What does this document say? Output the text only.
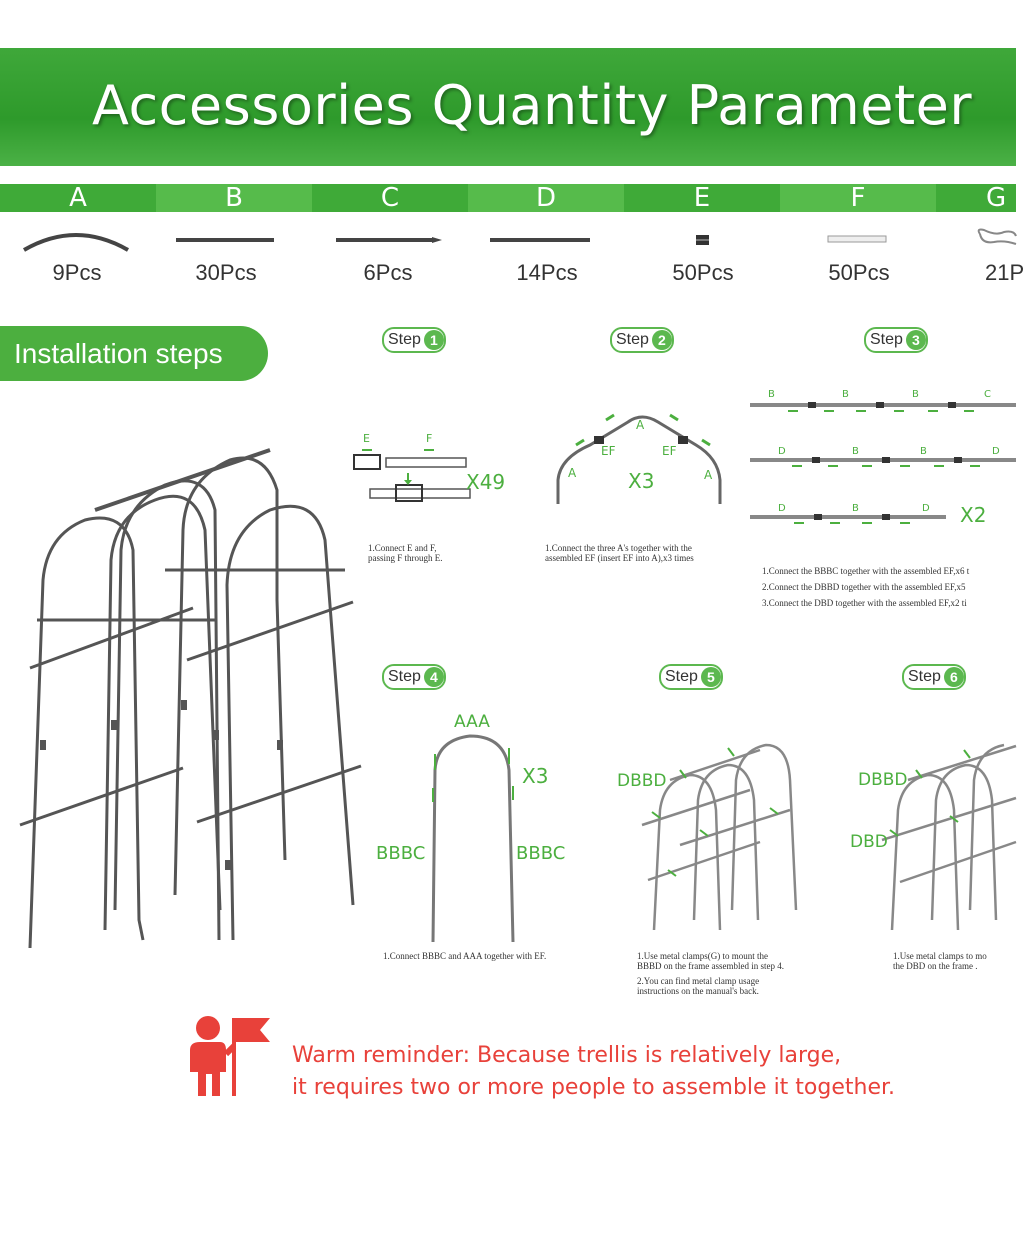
Accessories Quantity Parameter
A	B	C	D	E	F	G
9Pcs	30Pcs	6Pcs	14Pcs	50Pcs	50Pcs	21P
Installation steps	Step 1	Step 2	Step 3
Step 4	Step 5	Step 6
E	F
X49
1.Connect E and F,
passing F through E.
A
EF	EF
A	A
X3
1.Connect the three A's together with the
assembled EF (insert EF into A),x3 times
B	B	B	C
D	B	B	D
D	B	D X2
1.Connect the BBBC together with the assembled EF,x6 t
2.Connect the DBBD together with the assembled EF,x5
3.Connect the DBD together with the assembled EF,x2 ti
AAA
X3
BBBC	BBBC
1.Connect BBBC and AAA together with EF.
DBBD
1.Use metal clamps(G) to mount the
BBBD on the frame assembled in step 4.
2.You can find metal clamp usage
instructions on the manual's back.
DBBD
DBD
1.Use metal clamps to mo
the DBD on the frame .
Warm reminder: Because trellis is relatively large,
it requires two or more people to assemble it together.
